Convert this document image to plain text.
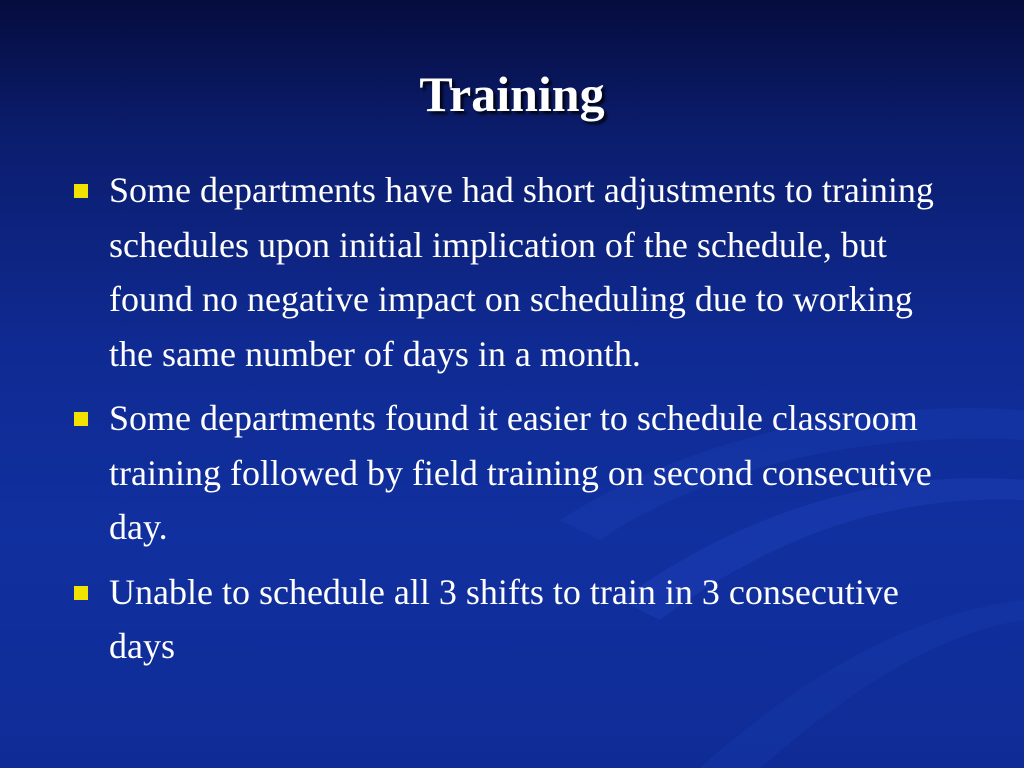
Training
Some departments have had short adjustments to training schedules upon initial implication of the schedule, but found no negative impact on scheduling due to working the same number of days in a month.
Some departments found it easier to schedule classroom training followed by field training on second consecutive day.
Unable to schedule all 3 shifts to train in 3 consecutive days
